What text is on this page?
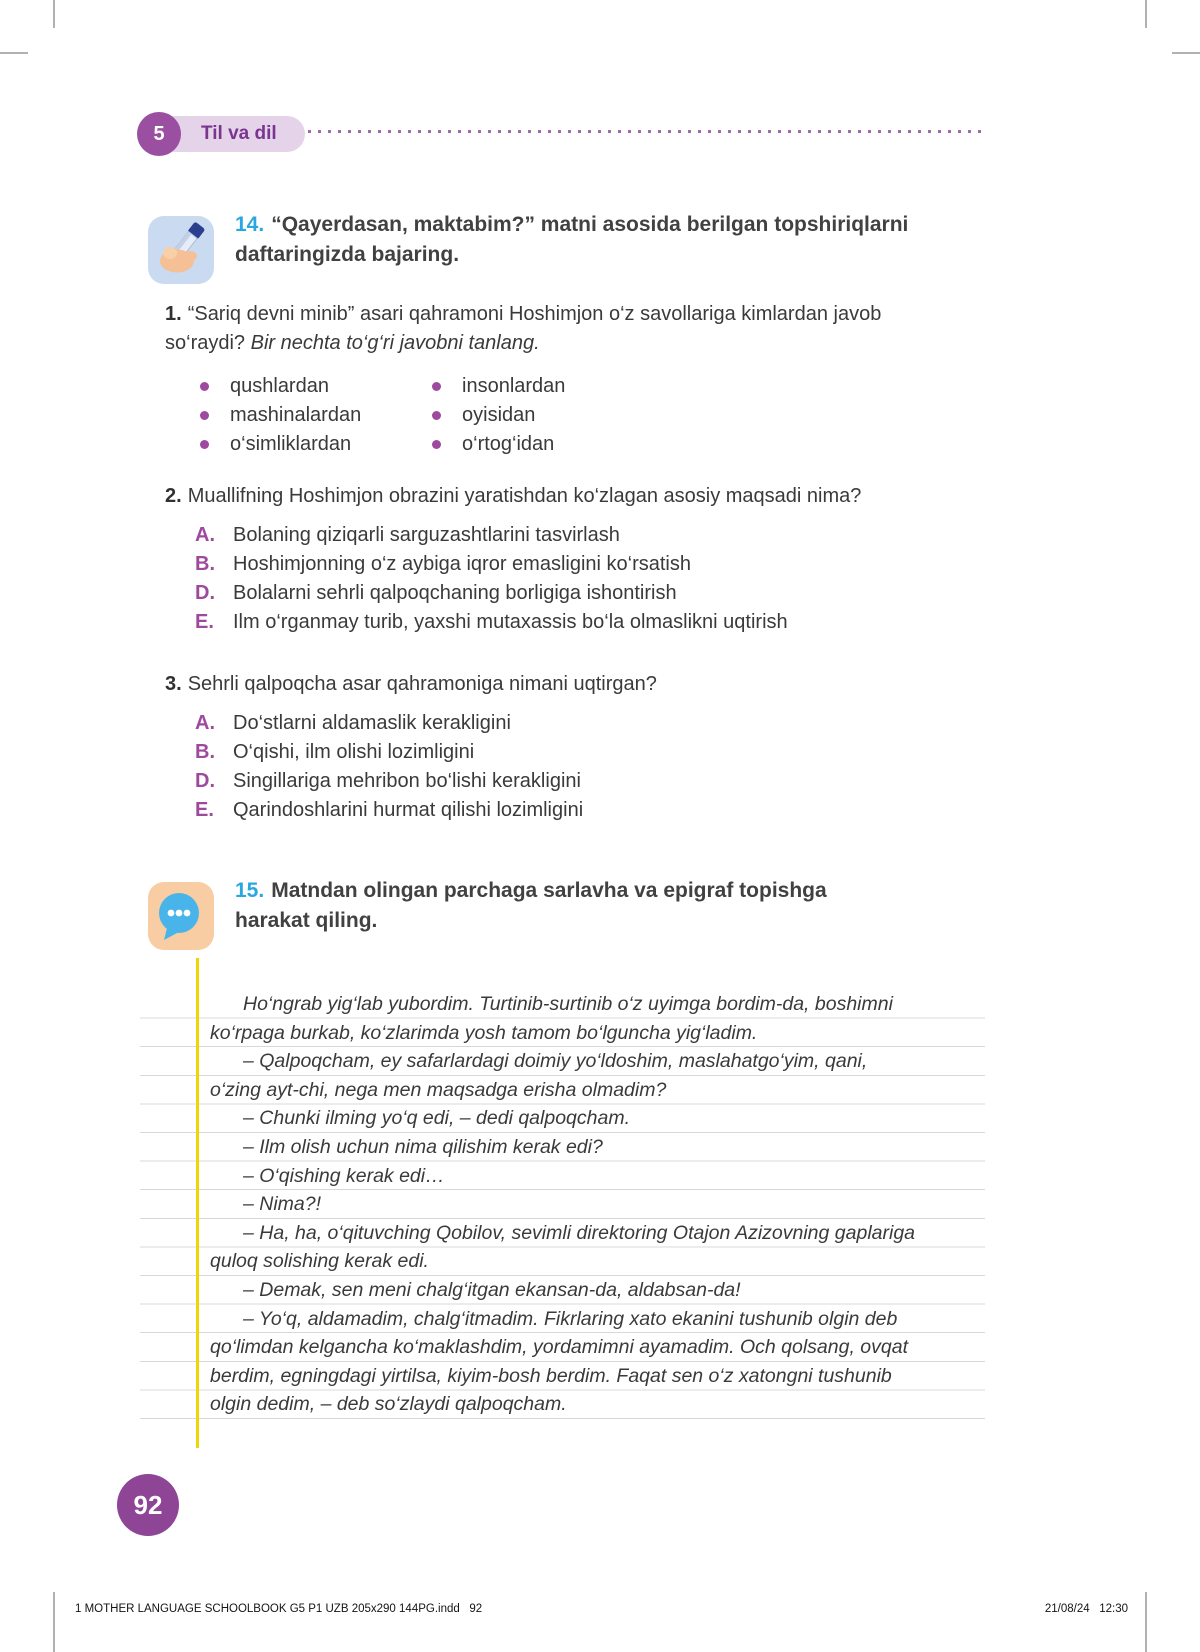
Til va dil
5
14. “Qayerdasan, maktabim?” matni asosida berilgan topshiriqlarni
daftaringizda bajaring.
1. “Sariq devni minib” asari qahramoni Hoshimjon o‘z savollariga kimlardan javob
so‘raydi? Bir nechta to‘g‘ri javobni tanlang.
qushlardan
mashinalardan
o‘simliklardan
insonlardan
oyisidan
o‘rtog‘idan
2. Muallifning Hoshimjon obrazini yaratishdan ko‘zlagan asosiy maqsadi nima?
A. Bolaning qiziqarli sarguzashtlarini tasvirlash
B. Hoshimjonning o‘z aybiga iqror emasligini ko‘rsatish
D. Bolalarni sehrli qalpoqchaning borligiga ishontirish
E. Ilm o‘rganmay turib, yaxshi mutaxassis bo‘la olmaslikni uqtirish
3. Sehrli qalpoqcha asar qahramoniga nimani uqtirgan?
A. Do‘stlarni aldamaslik kerakligini
B. O‘qishi, ilm olishi lozimligini
D. Singillariga mehribon bo‘lishi kerakligini
E. Qarindoshlarini hurmat qilishi lozimligini
15. Matndan olingan parchaga sarlavha va epigraf topishga
harakat qiling.
Ho‘ngrab yig‘lab yubordim. Turtinib-surtinib o‘z uyimga bordim-da, boshimni
ko‘rpaga burkab, ko‘zlarimda yosh tamom bo‘lguncha yig‘ladim.
– Qalpoqcham, ey safarlardagi doimiy yo‘ldoshim, maslahatgo‘yim, qani,
o‘zing ayt-chi, nega men maqsadga erisha olmadim?
– Chunki ilming yo‘q edi, – dedi qalpoqcham.
– Ilm olish uchun nima qilishim kerak edi?
– O‘qishing kerak edi…
– Nima?!
– Ha, ha, o‘qituvching Qobilov, sevimli direktoring Otajon Azizovning gaplariga
quloq solishing kerak edi.
– Demak, sen meni chalg‘itgan ekansan-da, aldabsan-da!
– Yo‘q, aldamadim, chalg‘itmadim. Fikrlaring xato ekanini tushunib olgin deb
qo‘limdan kelgancha ko‘maklashdim, yordamimni ayamadim. Och qolsang, ovqat
berdim, egningdagi yirtilsa, kiyim-bosh berdim. Faqat sen o‘z xatongni tushunib
olgin dedim, – deb so‘zlaydi qalpoqcham.
92
1 MOTHER LANGUAGE SCHOOLBOOK G5 P1 UZB 205x290 144PG.indd   92	21/08/24   12:30
